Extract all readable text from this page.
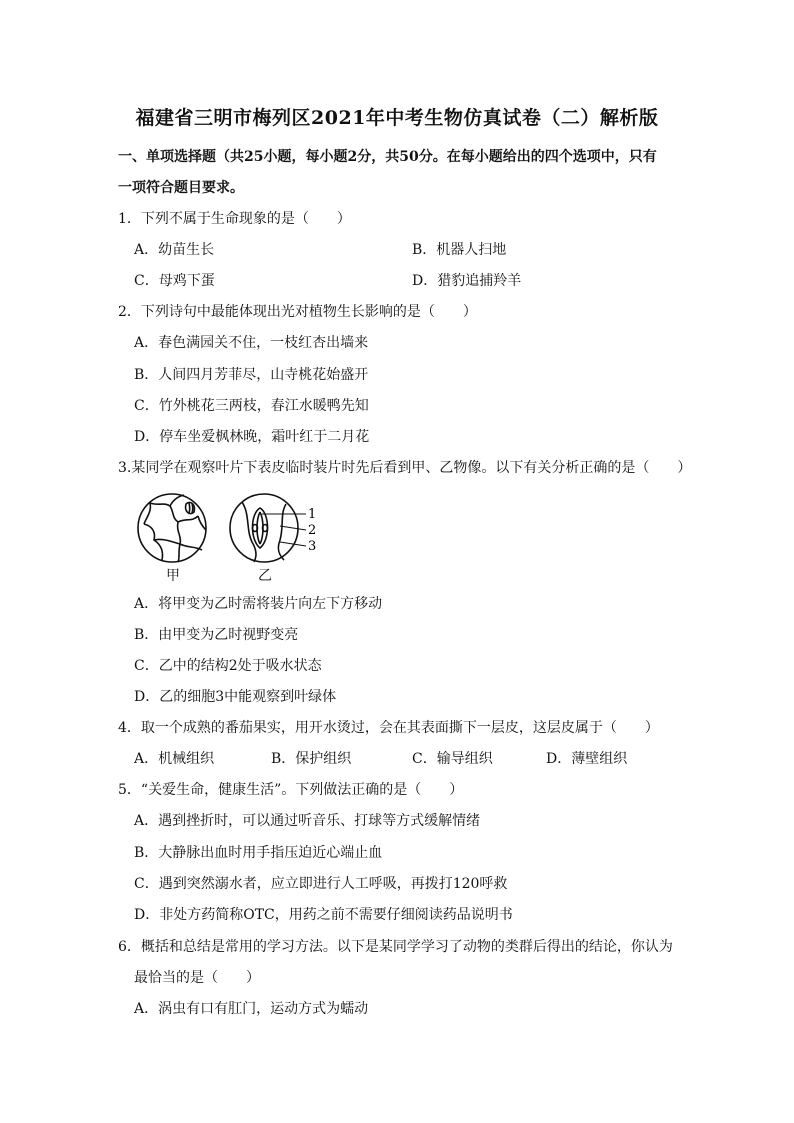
福建省三明市梅列区2021年中考生物仿真试卷（二）解析版
一、单项选择题（共25小题，每小题2分，共50分。在每小题给出的四个选项中，只有
一项符合题目要求。
1．下列不属于生命现象的是（　　）
A．幼苗生长	B．机器人扫地
C．母鸡下蛋	D．猎豹追捕羚羊
2．下列诗句中最能体现出光对植物生长影响的是（　　）
A．春色满园关不住，一枝红杏出墙来
B．人间四月芳菲尽，山寺桃花始盛开
C．竹外桃花三两枝，春江水暖鸭先知
D．停车坐爱枫林晚，霜叶红于二月花
3.某同学在观察叶片下表皮临时装片时先后看到甲、乙物像。以下有关分析正确的是（　　）
1
2
3
甲	乙
A．将甲变为乙时需将装片向左下方移动
B．由甲变为乙时视野变亮
C．乙中的结构2处于吸水状态
D．乙的细胞3中能观察到叶绿体
4．取一个成熟的番茄果实，用开水烫过，会在其表面撕下一层皮，这层皮属于（　　）
A．机械组织	B．保护组织	C．输导组织	D．薄壁组织
5．“关爱生命，健康生活”。下列做法正确的是（　　）
A．遇到挫折时，可以通过听音乐、打球等方式缓解情绪
B．大静脉出血时用手指压迫近心端止血
C．遇到突然溺水者，应立即进行人工呼吸，再拨打120呼救
D．非处方药简称OTC，用药之前不需要仔细阅读药品说明书
6．概括和总结是常用的学习方法。以下是某同学学习了动物的类群后得出的结论，你认为
最恰当的是（　　）
A．涡虫有口有肛门，运动方式为蠕动
